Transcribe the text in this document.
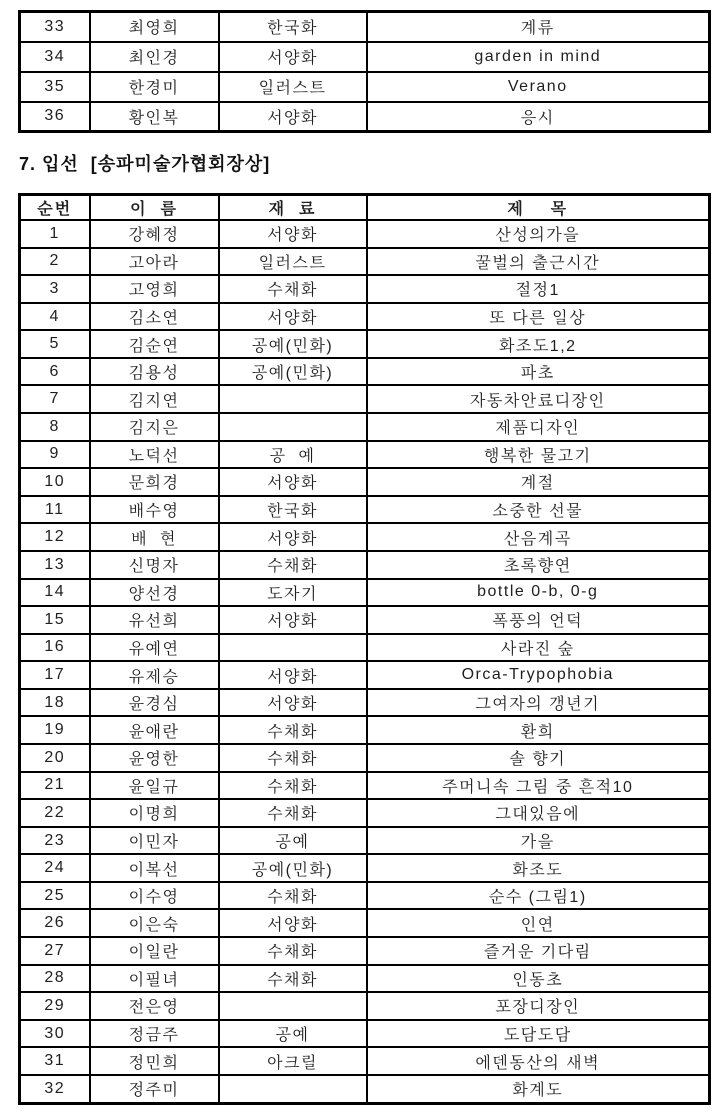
33	최영희	한국화	계류
34	최인경	서양화	garden in mind
35	한경미	일러스트	Verano
36	황인복	서양화	응시
7. 입선  [송파미술가협회장상]
순번	이  름	재  료	제    목
1	강혜정	서양화	산성의가을
2	고아라	일러스트	꿀벌의 출근시간
3	고영희	수채화	절정1
4	김소연	서양화	또 다른 일상
5	김순연	공예(민화)	화조도1,2
6	김용성	공예(민화)	파초
7	김지연		자동차안료디장인
8	김지은		제품디자인
9	노덕선	공  예	행복한 물고기
10	문희경	서양화	계절
11	배수영	한국화	소중한 선물
12	배  현	서양화	산음계곡
13	신명자	수채화	초록향연
14	양선경	도자기	bottle 0-b, 0-g
15	유선희	서양화	폭풍의 언덕
16	유예연		사라진 숲
17	유제승	서양화	Orca-Trypophobia
18	윤경심	서양화	그여자의 갱년기
19	윤애란	수채화	환희
20	윤영한	수채화	솔 향기
21	윤일규	수채화	주머니속 그림 중 흔적10
22	이명희	수채화	그대있음에
23	이민자	공예	가을
24	이복선	공예(민화)	화조도
25	이수영	수채화	순수 (그림1)
26	이은숙	서양화	인연
27	이일란	수채화	즐거운 기다림
28	이필녀	수채화	인동초
29	전은영		포장디장인
30	정금주	공예	도담도담
31	정민희	아크릴	에덴동산의 새벽
32	정주미		화계도
